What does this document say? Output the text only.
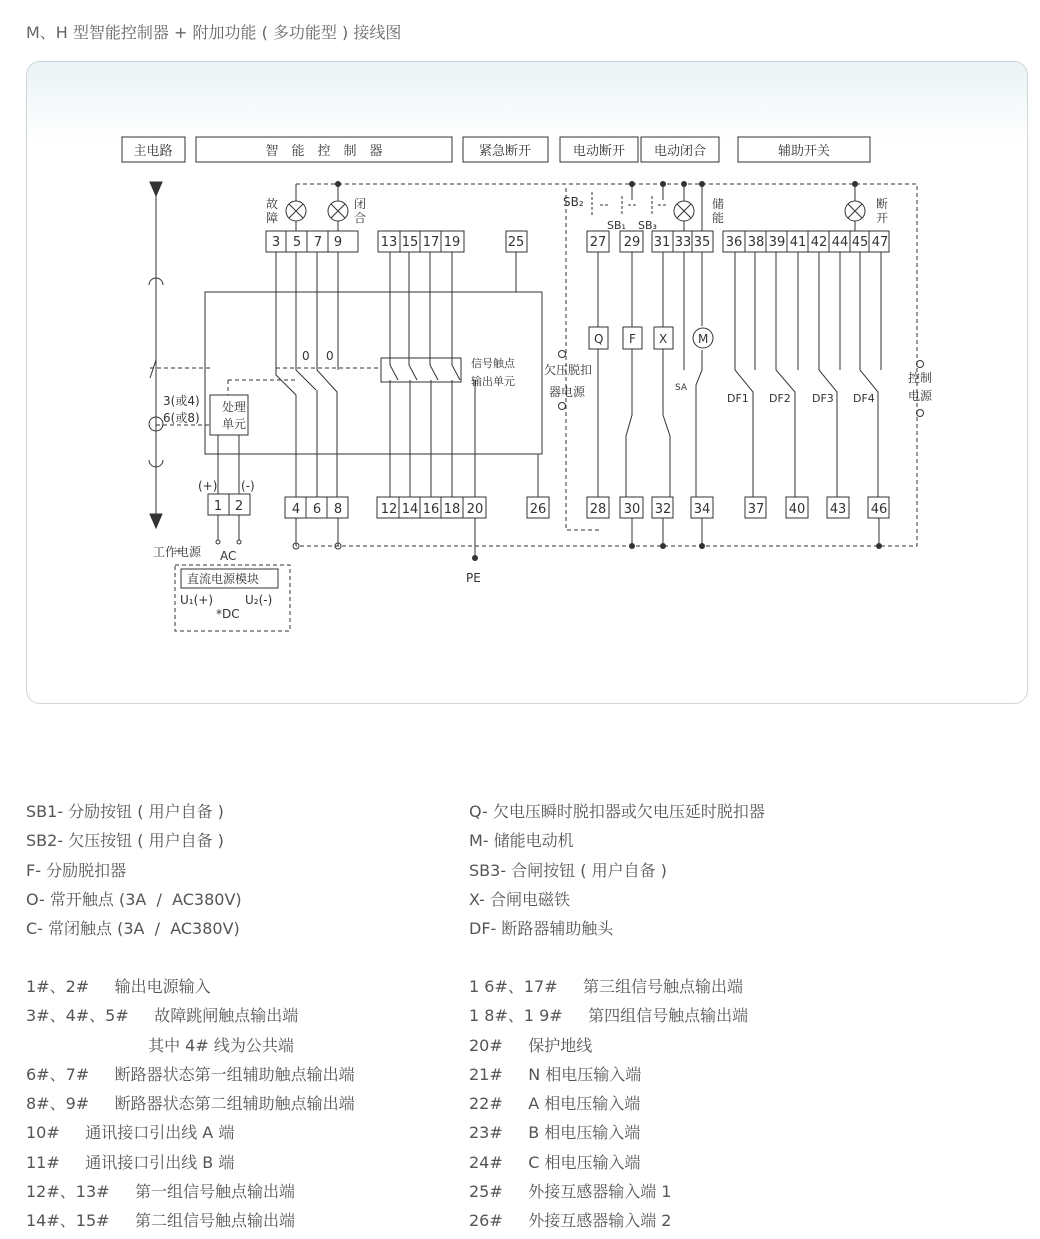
M、H 型智能控制器 + 附加功能 ( 多功能型 ) 接线图
主电路	智　能　控　制　器	紧急断开	电动断开 电动闭合	辅助开关
故
障
闭
合
储
能
断
开
3 5 7 9	13 15 17 19	25	27 29 31 33 35 36 38 39 41 42 44 45 47
4 6 8	12 14 16 18 20	26	28 30 32 34	37 40 43 46
1 2
处理
单元
信号触点
输出单元
欠压脱扣
器电源
控制
电源
3(或4)
6(或8)
0 0
(+) (-)
工作电源 AC
直流电源模块
U₁(+)	U₂(-)
*DC
PE
SB₂
SB₁ SB₃
SA
Q F X	M
DF1 DF2 DF3 DF4
SB1- 分励按钮 ( 用户自备 )
SB2- 欠压按钮 ( 用户自备 )
F- 分励脱扣器
O- 常开触点 (3A  /  AC380V)
C- 常闭触点 (3A  /  AC380V)
Q- 欠电压瞬时脱扣器或欠电压延时脱扣器
M- 储能电动机
SB3- 合闸按钮 ( 用户自备 )
X- 合闸电磁铁
DF- 断路器辅助触头
1#、2#     输出电源输入
3#、4#、5#     故障跳闸触点输出端
其中 4# 线为公共端
6#、7#     断路器状态第一组辅助触点输出端
8#、9#     断路器状态第二组辅助触点输出端
10#     通讯接口引出线 A 端
11#     通讯接口引出线 B 端
12#、13#     第一组信号触点输出端
14#、15#     第二组信号触点输出端
1 6#、17#     第三组信号触点输出端
1 8#、1 9#     第四组信号触点输出端
20#     保护地线
21#     N 相电压输入端
22#     A 相电压输入端
23#     B 相电压输入端
24#     C 相电压输入端
25#     外接互感器输入端 1
26#     外接互感器输入端 2
